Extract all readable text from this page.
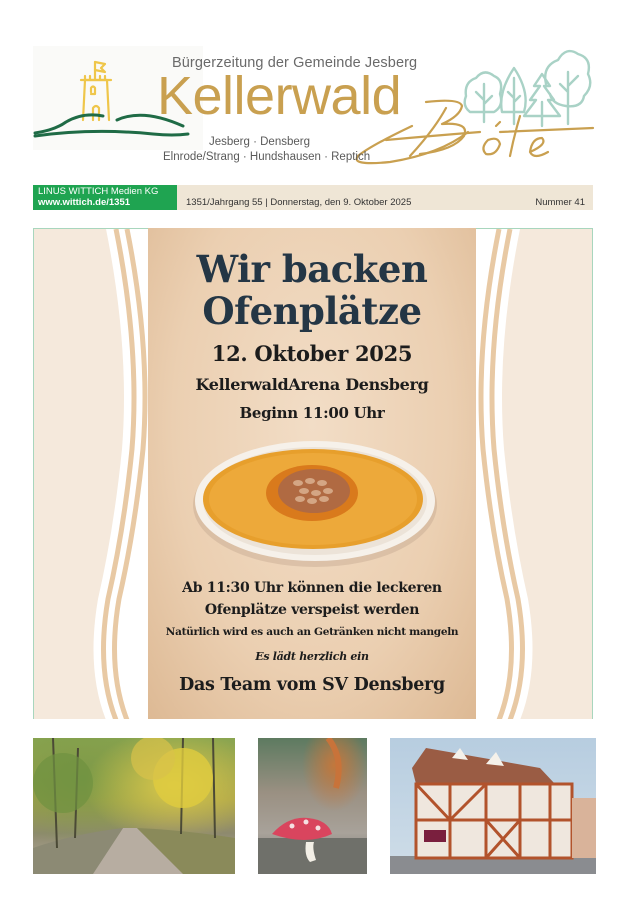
Bürgerzeitung der Gemeinde Jesberg
Kellerwald
Jesberg · Densberg
Elnrode/Strang · Hundshausen · Reptich
LINUS WITTICH Medien KG
www.wittich.de/1351	1351/Jahrgang 55 | Donnerstag, den 9. Oktober 2025	Nummer 41
Wir backen
Ofenplätze
12. Oktober 2025
KellerwaldArena Densberg
Beginn 11:00 Uhr
Ab 11:30 Uhr können die leckeren
Ofenplätze verspeist werden
Natürlich wird es auch an Getränken nicht mangeln
Es lädt herzlich ein
Das Team vom SV Densberg
